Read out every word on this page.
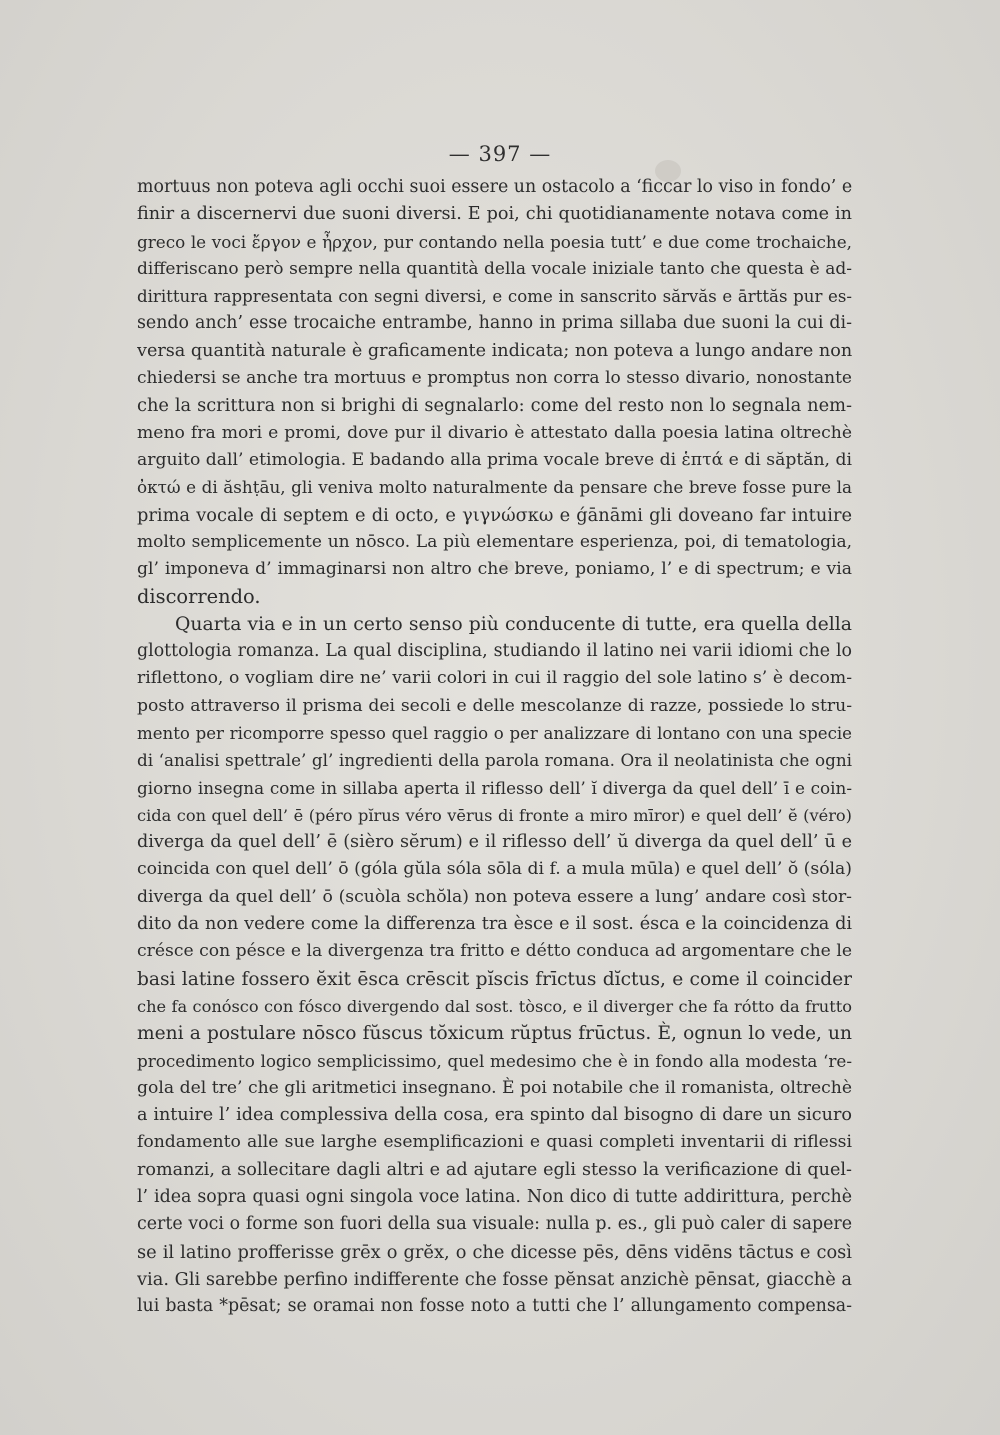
— 397 —
mortuus non poteva agli occhi suoi essere un ostacolo a ‘ficcar lo viso in fondo’ e
finir a discernervi due suoni diversi. E poi, chi quotidianamente notava come in
greco le voci ἔργον e ἦρχον, pur contando nella poesia tutt’ e due come trochaiche,
differiscano però sempre nella quantità della vocale iniziale tanto che questa è ad-
dirittura rappresentata con segni diversi, e come in sanscrito sărvăs e ārttăs pur es-
sendo anch’ esse trocaiche entrambe, hanno in prima sillaba due suoni la cui di-
versa quantità naturale è graficamente indicata; non poteva a lungo andare non
chiedersi se anche tra mortuus e promptus non corra lo stesso divario, nonostante
che la scrittura non si brighi di segnalarlo: come del resto non lo segnala nem-
meno fra mori e promi, dove pur il divario è attestato dalla poesia latina oltrechè
arguito dall’ etimologia. E badando alla prima vocale breve di ἑπτά e di săptăn, di
ὀκτώ e di ăshṭāu, gli veniva molto naturalmente da pensare che breve fosse pure la
prima vocale di septem e di octo, e γιγνώσκω e ǵānāmi gli doveano far intuire
molto semplicemente un nōsco. La più elementare esperienza, poi, di tematologia,
gl’ imponeva d’ immaginarsi non altro che breve, poniamo, l’ e di spectrum; e via
discorrendo.
Quarta via e in un certo senso più conducente di tutte, era quella della
glottologia romanza. La qual disciplina, studiando il latino nei varii idiomi che lo
riflettono, o vogliam dire ne’ varii colori in cui il raggio del sole latino s’ è decom-
posto attraverso il prisma dei secoli e delle mescolanze di razze, possiede lo stru-
mento per ricomporre spesso quel raggio o per analizzare di lontano con una specie
di ‘analisi spettrale’ gl’ ingredienti della parola romana. Ora il neolatinista che ogni
giorno insegna come in sillaba aperta il riflesso dell’ ĭ diverga da quel dell’ ī e coin-
cida con quel dell’ ē (péro pĭrus véro vērus di fronte a miro mīror) e quel dell’ ĕ (véro)
diverga da quel dell’ ē (sièro sĕrum) e il riflesso dell’ ŭ diverga da quel dell’ ū e
coincida con quel dell’ ō (góla gŭla sóla sōla di f. a mula mūla) e quel dell’ ŏ (sóla)
diverga da quel dell’ ō (scuòla schŏla) non poteva essere a lung’ andare così stor-
dito da non vedere come la differenza tra èsce e il sost. ésca e la coincidenza di
crésce con pésce e la divergenza tra fritto e détto conduca ad argomentare che le
basi latine fossero ĕxit ēsca crēscit pĭscis frīctus dĭctus, e come il coincider
che fa conósco con fósco divergendo dal sost. tòsco, e il diverger che fa rótto da frutto
meni a postulare nōsco fŭscus tŏxicum rŭptus frūctus. È, ognun lo vede, un
procedimento logico semplicissimo, quel medesimo che è in fondo alla modesta ‘re-
gola del tre’ che gli aritmetici insegnano. È poi notabile che il romanista, oltrechè
a intuire l’ idea complessiva della cosa, era spinto dal bisogno di dare un sicuro
fondamento alle sue larghe esemplificazioni e quasi completi inventarii di riflessi
romanzi, a sollecitare dagli altri e ad ajutare egli stesso la verificazione di quel-
l’ idea sopra quasi ogni singola voce latina. Non dico di tutte addirittura, perchè
certe voci o forme son fuori della sua visuale: nulla p. es., gli può caler di sapere
se il latino profferisse grēx o grĕx, o che dicesse pēs, dēns vidēns tāctus e così
via. Gli sarebbe perfino indifferente che fosse pĕnsat anzichè pēnsat, giacchè a
lui basta *pēsat; se oramai non fosse noto a tutti che l’ allungamento compensa-
